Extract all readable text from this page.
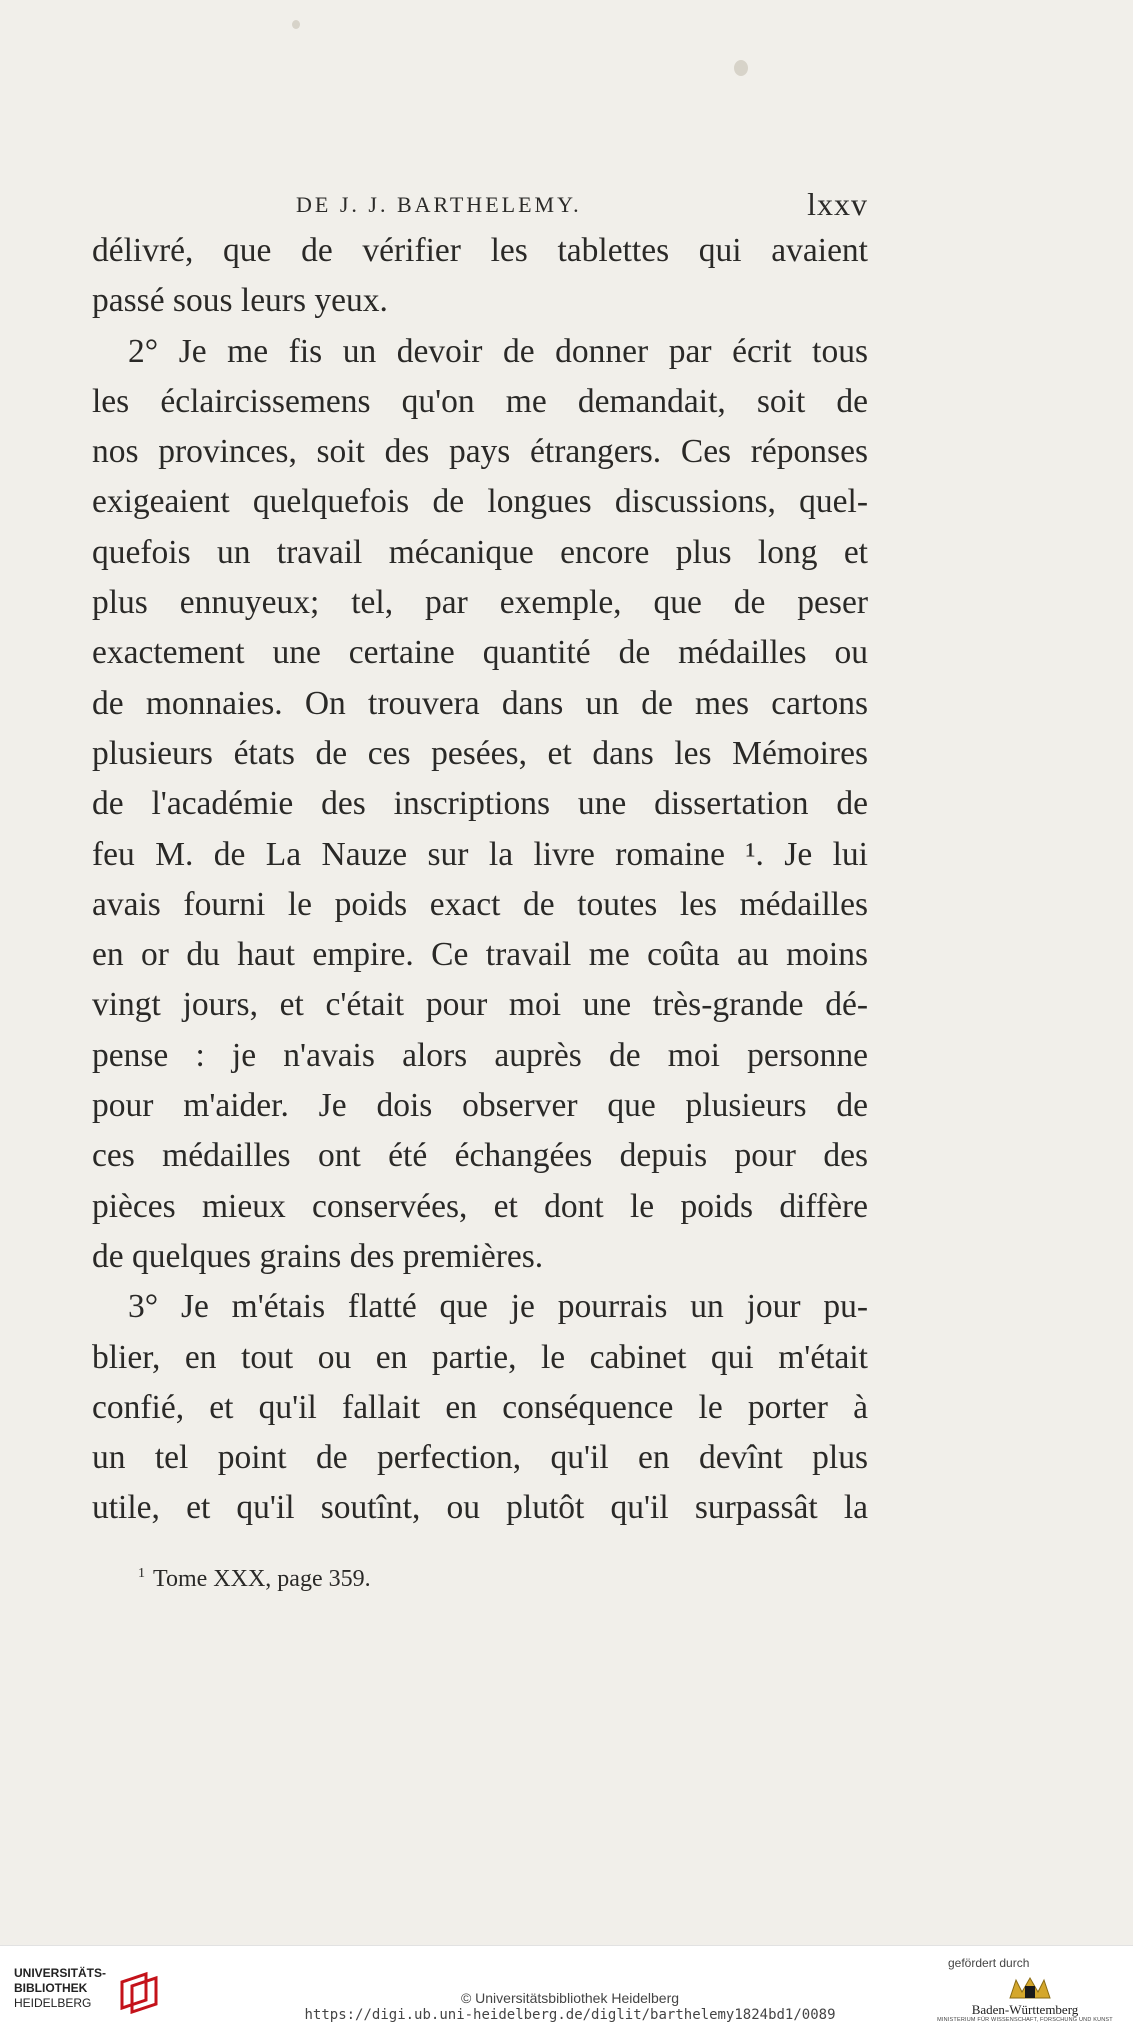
DE J. J. BARTHELEMY.	lxxv
délivré, que de vérifier les tablettes qui avaient
passé sous leurs yeux.
2° Je me fis un devoir de donner par écrit tous
les éclaircissemens qu'on me demandait, soit de
nos provinces, soit des pays étrangers. Ces réponses
exigeaient quelquefois de longues discussions, quel-
quefois un travail mécanique encore plus long et
plus ennuyeux; tel, par exemple, que de peser
exactement une certaine quantité de médailles ou
de monnaies. On trouvera dans un de mes cartons
plusieurs états de ces pesées, et dans les Mémoires
de l'académie des inscriptions une dissertation de
feu M. de La Nauze sur la livre romaine ¹. Je lui
avais fourni le poids exact de toutes les médailles
en or du haut empire. Ce travail me coûta au moins
vingt jours, et c'était pour moi une très-grande dé-
pense : je n'avais alors auprès de moi personne
pour m'aider. Je dois observer que plusieurs de
ces médailles ont été échangées depuis pour des
pièces mieux conservées, et dont le poids diffère
de quelques grains des premières.
3° Je m'étais flatté que je pourrais un jour pu-
blier, en tout ou en partie, le cabinet qui m'était
confié, et qu'il fallait en conséquence le porter à
un tel point de perfection, qu'il en devînt plus
utile, et qu'il soutînt, ou plutôt qu'il surpassât la
$^1$ Tome XXX, page 359.
UNIVERSITÄTS-
BIBLIOTHEK
HEIDELBERG	© Universitätsbibliothek Heidelberg
https://digi.ub.uni-heidelberg.de/diglit/barthelemy1824bd1/0089
gefördert durch
Baden-Württemberg
MINISTERIUM FÜR WISSENSCHAFT, FORSCHUNG UND KUNST
